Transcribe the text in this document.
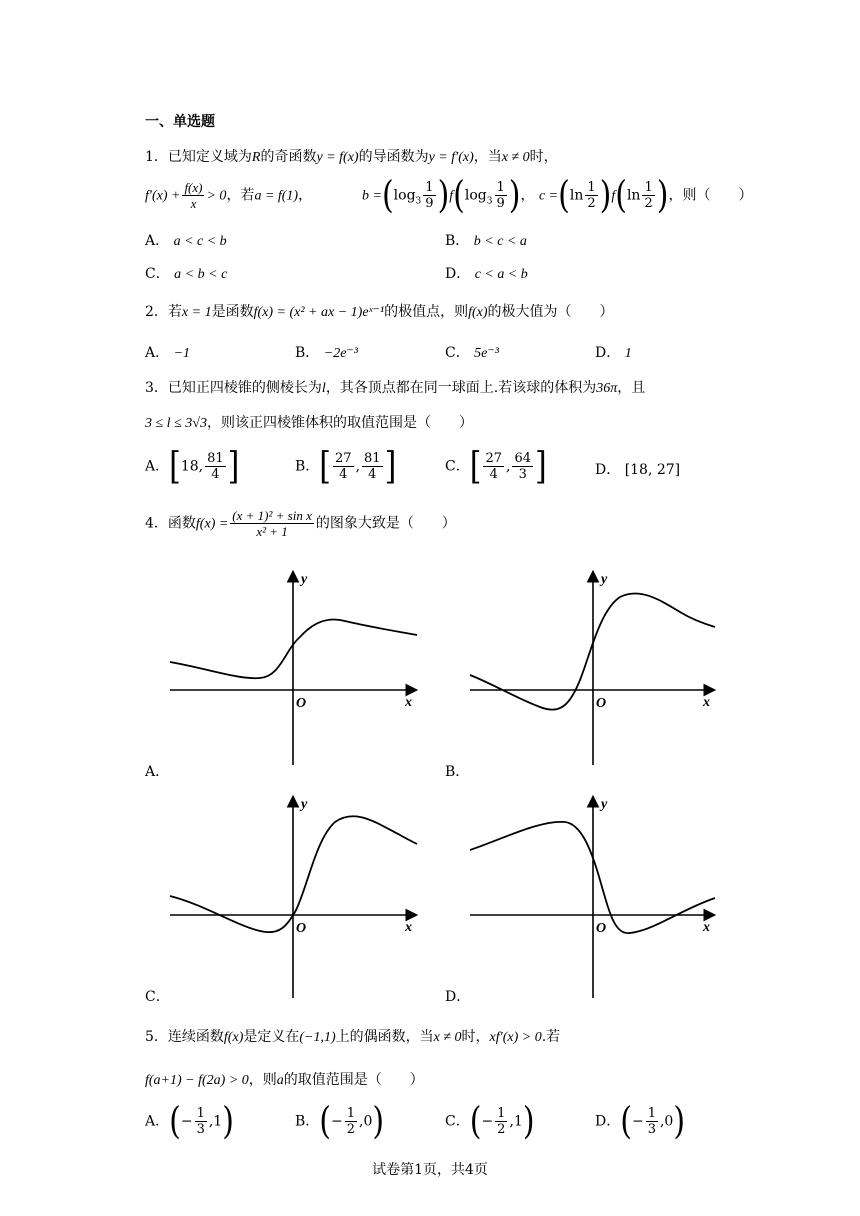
一、单选题
1．已知定义域为R的奇函数y = f(x)的导函数为y = f′(x)，当x ≠ 0时，
$f'(x) + \frac{f(x)}{x} > 0$，若a = f(1)，	$b =(\log_3 \frac{1}{9} )f(\log_3 \frac{1}{9}$ )， $c =(\ln \frac{1}{2} )f(\ln \frac{1}{2}$ )，则（　　）
A． a < c < b	B． b < c < a
C． a < b < c	D． c < a < b
2．若x = 1是函数f(x) = (x² + ax − 1)eˣ⁻¹的极值点，则f(x)的极大值为（　　）
A． −1	B． −2e⁻³	C． 5e⁻³	D． 1
3．已知正四棱锥的侧棱长为l，其各顶点都在同一球面上.若该球的体积为36π，且
3 ≤ l ≤ 3√3，则该正四棱锥体积的取值范围是（　　）
A．[18, $\frac{81}{4}$ ]	B．[ $\frac{27}{4}$ , $\frac{81}{4}$ ]	C．[ $\frac{27}{4}$ , $\frac{64}{3}$ ]	D． [18, 27]
4．函数$f(x) = \frac{\text{(x + 1)² + sin x}}{\text{x² + 1}}$ 的图象大致是（　　）
y
x
O
A．
y
x
O
B．
y
x
O
C．
y
x
O
D．
5．连续函数f(x)是定义在(−1,1)上的偶函数，当x ≠ 0时，xf′(x) > 0.若
f(a+1) − f(2a) > 0，则a的取值范围是（　　）
A．(− $\frac{1}{3} ,1$)	B．(− $\frac{1}{2} ,0$)	C．(− $\frac{1}{2} ,1$)	D．(− $\frac{1}{3} ,0$)
试卷第1页，共4页
